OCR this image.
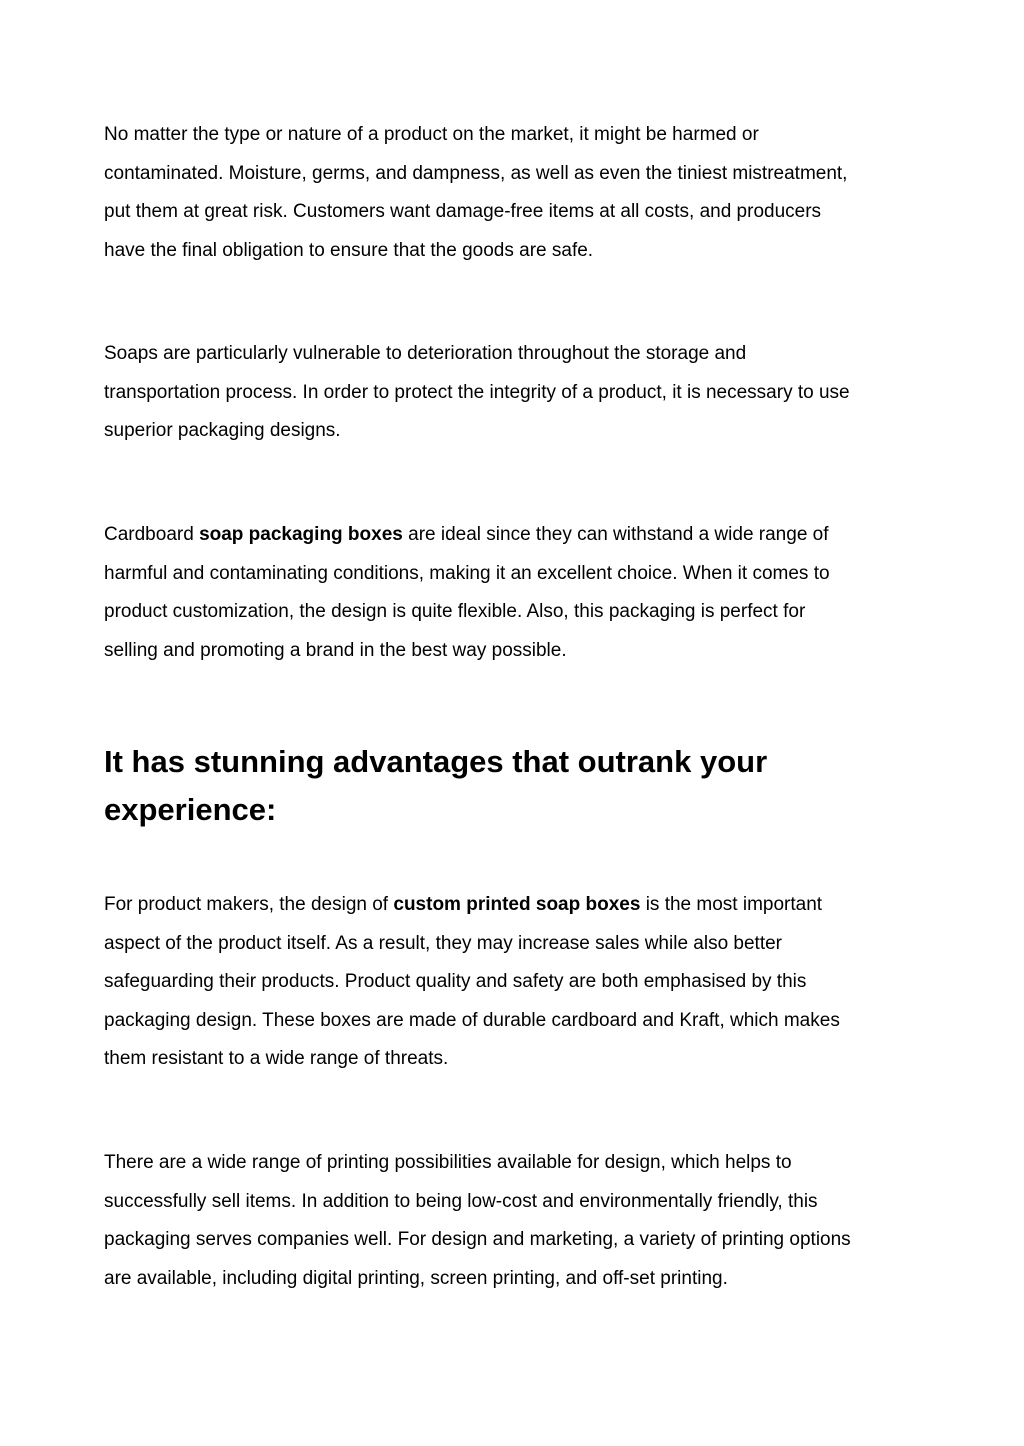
No matter the type or nature of a product on the market, it might be harmed or
contaminated. Moisture, germs, and dampness, as well as even the tiniest mistreatment,
put them at great risk. Customers want damage-free items at all costs, and producers
have the final obligation to ensure that the goods are safe.

Soaps are particularly vulnerable to deterioration throughout the storage and
transportation process. In order to protect the integrity of a product, it is necessary to use
superior packaging designs.

Cardboard soap packaging boxes are ideal since they can withstand a wide range of
harmful and contaminating conditions, making it an excellent choice. When it comes to
product customization, the design is quite flexible. Also, this packaging is perfect for
selling and promoting a brand in the best way possible.

It has stunning advantages that outrank your
experience:

For product makers, the design of custom printed soap boxes is the most important
aspect of the product itself. As a result, they may increase sales while also better
safeguarding their products. Product quality and safety are both emphasised by this
packaging design. These boxes are made of durable cardboard and Kraft, which makes
them resistant to a wide range of threats.

There are a wide range of printing possibilities available for design, which helps to
successfully sell items. In addition to being low-cost and environmentally friendly, this
packaging serves companies well. For design and marketing, a variety of printing options
are available, including digital printing, screen printing, and off-set printing.
